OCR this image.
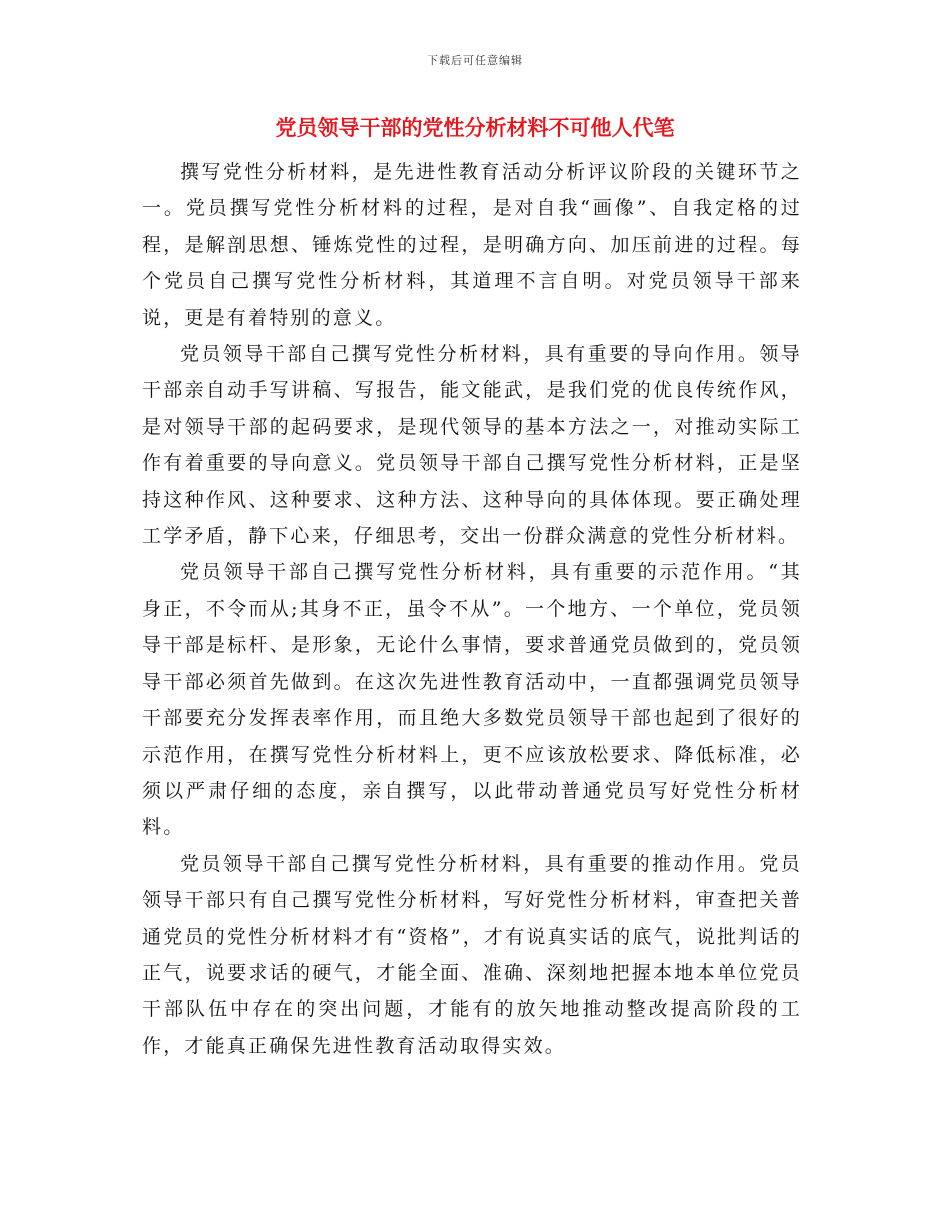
下载后可任意编辑
党员领导干部的党性分析材料不可他人代笔

撰写党性分析材料，是先进性教育活动分析评议阶段的关键环节之一。党员撰写党性分析材料的过程，是对自我“画像”、自我定格的过程，是解剖思想、锤炼党性的过程，是明确方向、加压前进的过程。每个党员自己撰写党性分析材料，其道理不言自明。对党员领导干部来说，更是有着特别的意义。

党员领导干部自己撰写党性分析材料，具有重要的导向作用。领导干部亲自动手写讲稿、写报告，能文能武，是我们党的优良传统作风，是对领导干部的起码要求，是现代领导的基本方法之一，对推动实际工作有着重要的导向意义。党员领导干部自己撰写党性分析材料，正是坚持这种作风、这种要求、这种方法、这种导向的具体体现。要正确处理工学矛盾，静下心来，仔细思考，交出一份群众满意的党性分析材料。

党员领导干部自己撰写党性分析材料，具有重要的示范作用。“其身正，不令而从;其身不正，虽令不从”。一个地方、一个单位，党员领导干部是标杆、是形象，无论什么事情，要求普通党员做到的，党员领导干部必须首先做到。在这次先进性教育活动中，一直都强调党员领导干部要充分发挥表率作用，而且绝大多数党员领导干部也起到了很好的示范作用，在撰写党性分析材料上，更不应该放松要求、降低标准，必须以严肃仔细的态度，亲自撰写，以此带动普通党员写好党性分析材料。

党员领导干部自己撰写党性分析材料，具有重要的推动作用。党员领导干部只有自己撰写党性分析材料，写好党性分析材料，审查把关普通党员的党性分析材料才有“资格”，才有说真实话的底气，说批判话的正气，说要求话的硬气，才能全面、准确、深刻地把握本地本单位党员干部队伍中存在的突出问题，才能有的放矢地推动整改提高阶段的工作，才能真正确保先进性教育活动取得实效。
